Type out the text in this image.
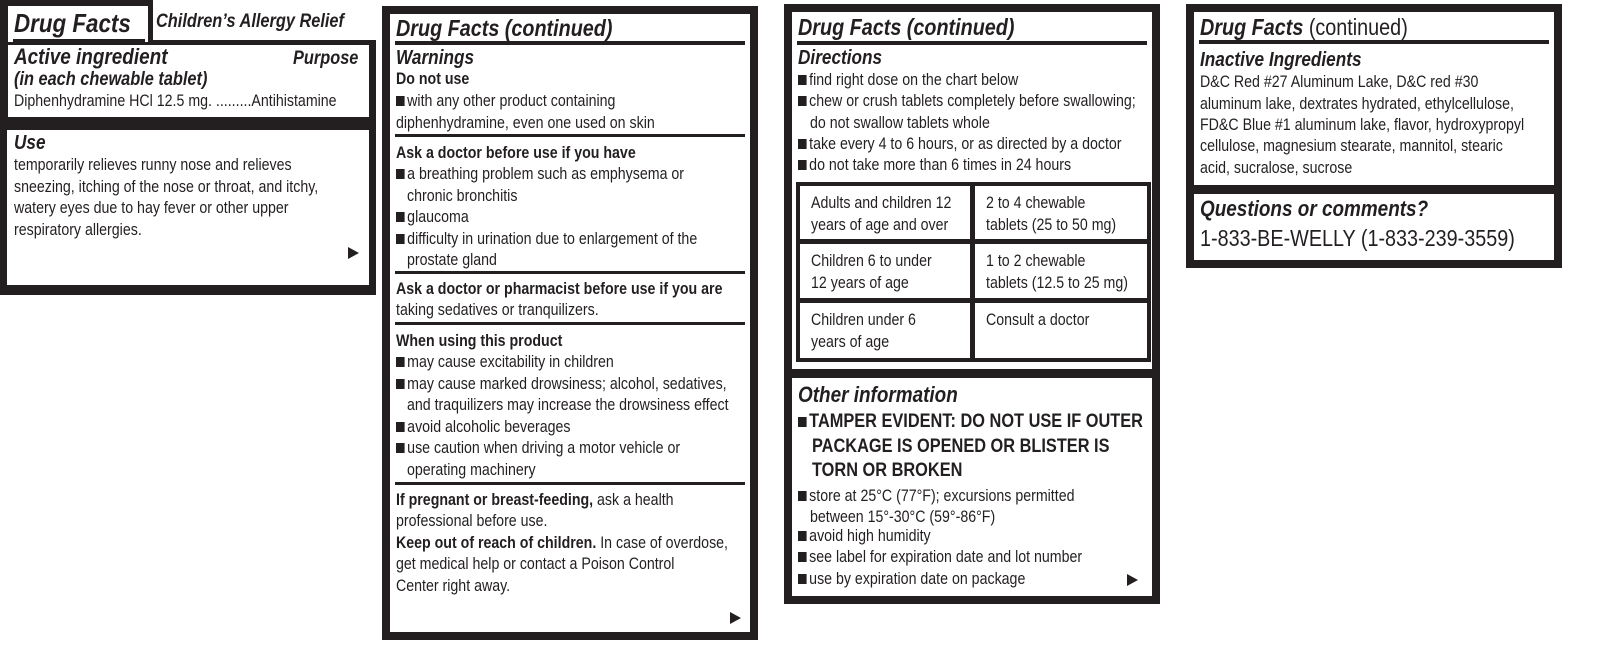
Drug Facts	Children’s Allergy Relief
Active ingredient	Purpose
(in each chewable tablet)
Diphenhydramine HCl 12.5 mg. .........Antihistamine
Use
temporarily relieves runny nose and relieves
sneezing, itching of the nose or throat, and itchy,
watery eyes due to hay fever or other upper
respiratory allergies.
Drug Facts (continued)
Warnings
Do not use
with any other product containing
diphenhydramine, even one used on skin
Ask a doctor before use if you have
a breathing problem such as emphysema or
chronic bronchitis
glaucoma
difficulty in urination due to enlargement of the
prostate gland
Ask a doctor or pharmacist before use if you are
taking sedatives or tranquilizers.
When using this product
may cause excitability in children
may cause marked drowsiness; alcohol, sedatives,
and traquilizers may increase the drowsiness effect
avoid alcoholic beverages
use caution when driving a motor vehicle or
operating machinery
If pregnant or breast-feeding, ask a health
professional before use.
Keep out of reach of children. In case of overdose,
get medical help or contact a Poison Control
Center right away.
Drug Facts (continued)
Directions
find right dose on the chart below
chew or crush tablets completely before swallowing;
do not swallow tablets whole
take every 4 to 6 hours, or as directed by a doctor
do not take more than 6 times in 24 hours
Adults and children 12
years of age and over
2 to 4 chewable
tablets (25 to 50 mg)
Children 6 to under
12 years of age
1 to 2 chewable
tablets (12.5 to 25 mg)
Children under 6
years of age
Consult a doctor
Other information
TAMPER EVIDENT: DO NOT USE IF OUTER
PACKAGE IS OPENED OR BLISTER IS
TORN OR BROKEN
store at 25°C (77°F); excursions permitted
between 15°-30°C (59°-86°F)
avoid high humidity
see label for expiration date and lot number
use by expiration date on package
Drug Facts (continued)
Inactive Ingredients
D&C Red #27 Aluminum Lake, D&C red #30
aluminum lake, dextrates hydrated, ethylcellulose,
FD&C Blue #1 aluminum lake, flavor, hydroxypropyl
cellulose, magnesium stearate, mannitol, stearic
acid, sucralose, sucrose
Questions or comments?
1-833-BE-WELLY (1-833-239-3559)
